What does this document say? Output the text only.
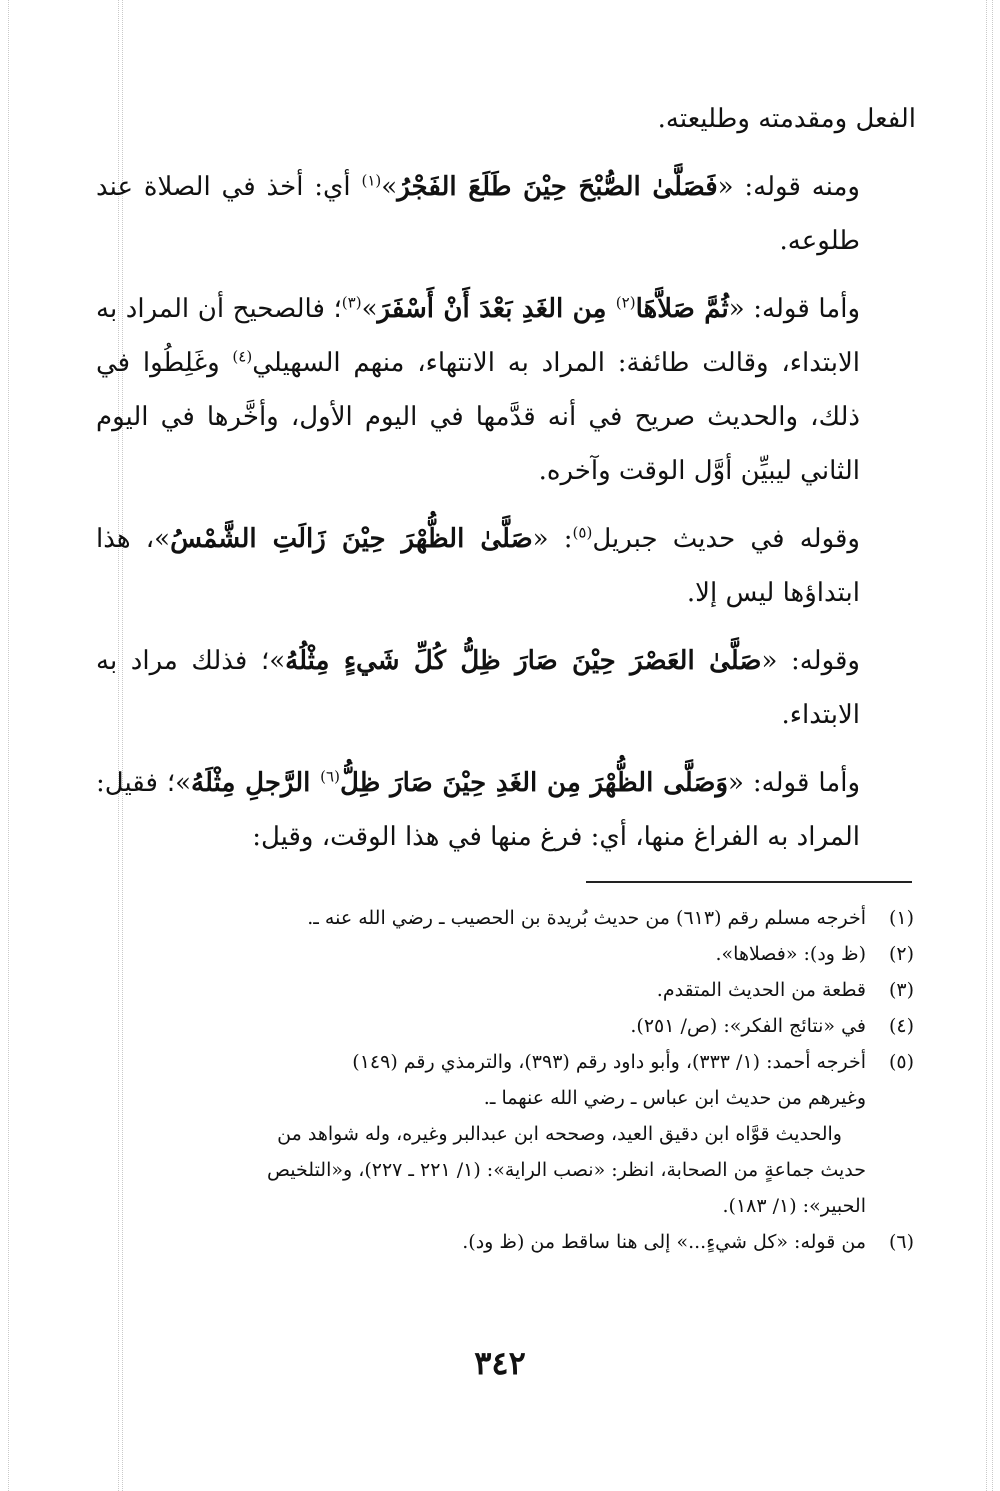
الفعل ومقدمته وطليعته.

ومنه قوله: «فَصَلَّىٰ الصُّبْحَ حِيْنَ طَلَعَ الفَجْرُ»$^{(١)}$ أي: أخذ في الصلاة عند طلوعه.

وأما قوله: «ثُمَّ صَلاَّهَا$^{(٢)}$ مِن الغَدِ بَعْدَ أَنْ أَسْفَرَ»$^{(٣)}$؛ فالصحيح أن المراد به الابتداء، وقالت طائفة: المراد به الانتهاء، منهم السهيلي$^{(٤)}$ وغَلِطُوا في ذلك، والحديث صريح في أنه قدَّمها في اليوم الأول، وأخَّرها في اليوم الثاني ليبيِّن أوَّل الوقت وآخره.

وقوله في حديث جبريل$^{(٥)}$: «صَلَّىٰ الظُّهْرَ حِيْنَ زَالَتِ الشَّمْسُ»، هذا ابتداؤها ليس إلا.

وقوله: «صَلَّىٰ العَصْرَ حِيْنَ صَارَ ظِلُّ كُلِّ شَيءٍ مِثْلُهُ»؛ فذلك مراد به الابتداء.

وأما قوله: «وَصَلَّى الظُّهْرَ مِن الغَدِ حِيْنَ صَارَ ظِلُّ$^{(٦)}$ الرَّجلِ مِثْلَهُ»؛ فقيل: المراد به الفراغ منها، أي: فرغ منها في هذا الوقت، وقيل:

(١)
أخرجه مسلم رقم (٦١٣) من حديث بُريدة بن الحصيب ـ رضي الله عنه ـ.
(٢)
(ظ ود): «فصلاها».
(٣)
قطعة من الحديث المتقدم.
(٤)
في «نتائج الفكر»: (ص/ ٢٥١).
(٥)
أخرجه أحمد: (١/ ٣٣٣)، وأبو داود رقم (٣٩٣)، والترمذي رقم (١٤٩)
وغيرهم من حديث ابن عباس ـ رضي الله عنهما ـ.
والحديث قوَّاه ابن دقيق العيد، وصححه ابن عبدالبر وغيره، وله شواهد من
حديث جماعةٍ من الصحابة، انظر: «نصب الراية»: (١/ ٢٢١ ـ ٢٢٧)، و«التلخيص
الحبير»: (١/ ١٨٣).
(٦)
من قوله: «كل شيءٍ...» إلى هنا ساقط من (ظ ود).
٣٤٢
